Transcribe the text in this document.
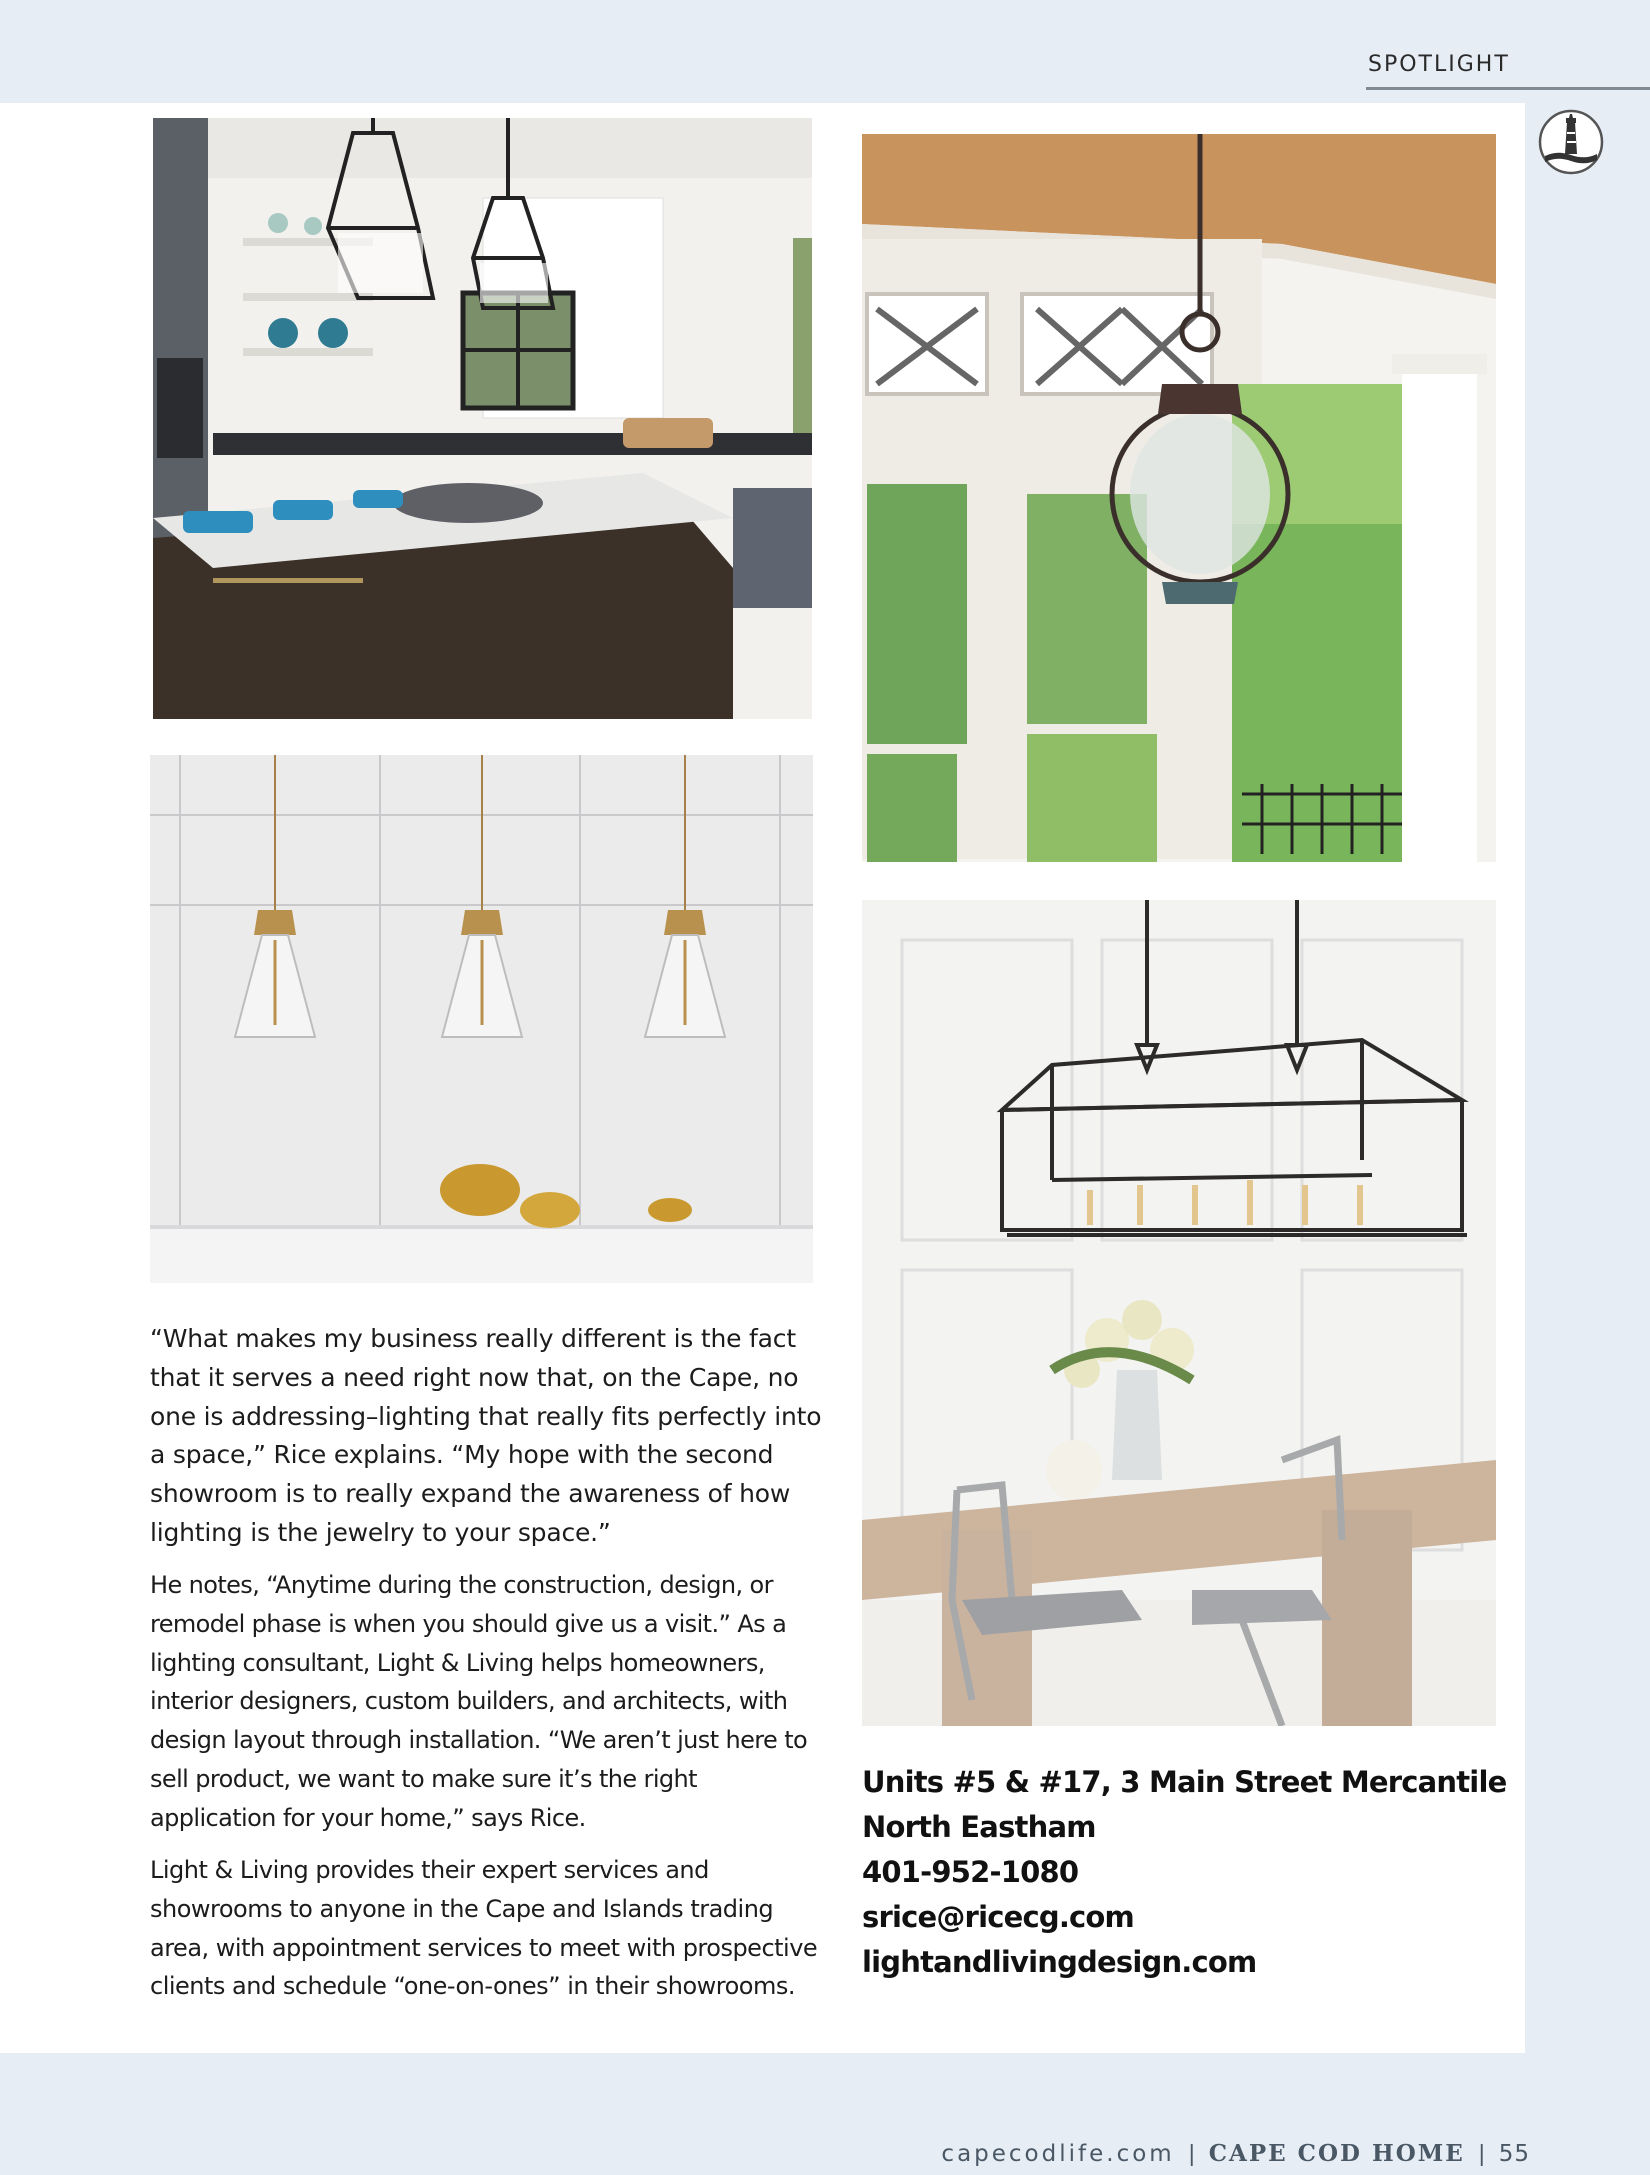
SPOTLIGHT

“What makes my business really different is the fact that it serves a need right now that, on the Cape, no one is addressing–lighting that really fits perfectly into a space,” Rice explains. “My hope with the second showroom is to really expand the awareness of how lighting is the jewelry to your space.”

He notes, “Anytime during the construction, design, or remodel phase is when you should give us a visit.” As a lighting consultant, Light & Living helps homeowners, interior designers, custom builders, and architects, with design layout through installation. “We aren’t just here to sell product, we want to make sure it’s the right application for your home,” says Rice.

Light & Living provides their expert services and showrooms to anyone in the Cape and Islands trading area, with appointment services to meet with prospective clients and schedule “one-on-ones” in their showrooms.

Units #5 & #17, 3 Main Street Mercantile
North Eastham
401-952-1080
srice@ricecg.com
lightandlivingdesign.com
capecodlife.com | CAPE COD HOME | 55
